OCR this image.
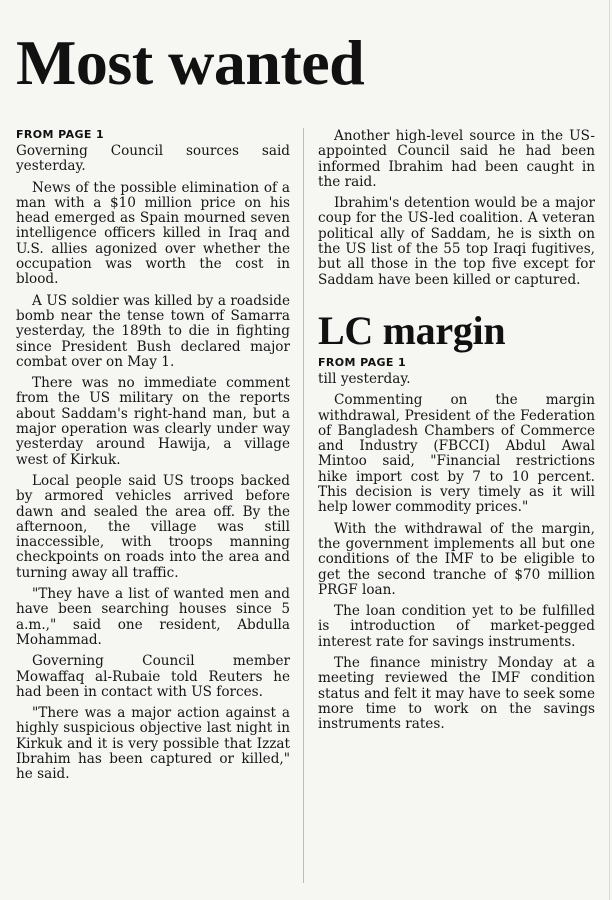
Most wanted
FROM PAGE 1

Governing Council sources said yesterday.

News of the possible elimination of a man with a $10 million price on his head emerged as Spain mourned seven intelligence officers killed in Iraq and U.S. allies agonized over whether the occupation was worth the cost in blood.

A US soldier was killed by a roadside bomb near the tense town of Samarra yesterday, the 189th to die in fighting since President Bush declared major combat over on May 1.

There was no immediate comment from the US military on the reports about Saddam's right-hand man, but a major operation was clearly under way yesterday around Hawija, a village west of Kirkuk.

Local people said US troops backed by armored vehicles arrived before dawn and sealed the area off. By the afternoon, the village was still inaccessible, with troops manning checkpoints on roads into the area and turning away all traffic.

"They have a list of wanted men and have been searching houses since 5 a.m.," said one resident, Abdulla Mohammad.

Governing Council member Mowaffaq al-Rubaie told Reuters he had been in contact with US forces.

"There was a major action against a highly suspicious objective last night in Kirkuk and it is very possible that Izzat Ibrahim has been captured or killed," he said.

Another high-level source in the US-appointed Council said he had been informed Ibrahim had been caught in the raid.

Ibrahim's detention would be a major coup for the US-led coalition. A veteran political ally of Saddam, he is sixth on the US list of the 55 top Iraqi fugitives, but all those in the top five except for Saddam have been killed or captured.

LC margin
FROM PAGE 1

till yesterday.

Commenting on the margin withdrawal, President of the Federation of Bangladesh Chambers of Commerce and Industry (FBCCI) Abdul Awal Mintoo said, "Financial restrictions hike import cost by 7 to 10 percent. This decision is very timely as it will help lower commodity prices."

With the withdrawal of the margin, the government implements all but one conditions of the IMF to be eligible to get the second tranche of $70 million PRGF loan.

The loan condition yet to be fulfilled is introduction of market-pegged interest rate for savings instruments.

The finance ministry Monday at a meeting reviewed the IMF condition status and felt it may have to seek some more time to work on the savings instruments rates.
